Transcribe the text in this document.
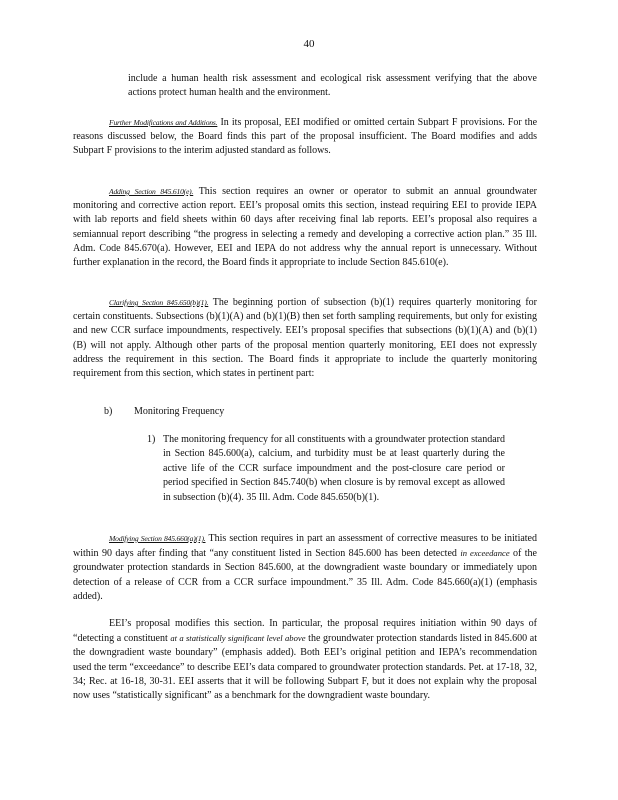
40

include a human health risk assessment and ecological risk assessment verifying that the above actions protect human health and the environment.

Further Modifications and Additions. In its proposal, EEI modified or omitted certain Subpart F provisions. For the reasons discussed below, the Board finds this part of the proposal insufficient. The Board modifies and adds Subpart F provisions to the interim adjusted standard as follows.

Adding Section 845.610(e). This section requires an owner or operator to submit an annual groundwater monitoring and corrective action report. EEI’s proposal omits this section, instead requiring EEI to provide IEPA with lab reports and field sheets within 60 days after receiving final lab reports. EEI’s proposal also requires a semiannual report describing “the progress in selecting a remedy and developing a corrective action plan.” 35 Ill. Adm. Code 845.670(a). However, EEI and IEPA do not address why the annual report is unnecessary. Without further explanation in the record, the Board finds it appropriate to include Section 845.610(e).

Clarifying Section 845.650(b)(1). The beginning portion of subsection (b)(1) requires quarterly monitoring for certain constituents. Subsections (b)(1)(A) and (b)(1)(B) then set forth sampling requirements, but only for existing and new CCR surface impoundments, respectively. EEI’s proposal specifies that subsections (b)(1)(A) and (b)(1)(B) will not apply. Although other parts of the proposal mention quarterly monitoring, EEI does not expressly address the requirement in this section. The Board finds it appropriate to include the quarterly monitoring requirement from this section, which states in pertinent part:

b) Monitoring Frequency
1) The monitoring frequency for all constituents with a groundwater protection standard in Section 845.600(a), calcium, and turbidity must be at least quarterly during the active life of the CCR surface impoundment and the post-closure care period or period specified in Section 845.740(b) when closure is by removal except as allowed in subsection (b)(4). 35 Ill. Adm. Code 845.650(b)(1).

Modifying Section 845.660(a)(1). This section requires in part an assessment of corrective measures to be initiated within 90 days after finding that “any constituent listed in Section 845.600 has been detected in exceedance of the groundwater protection standards in Section 845.600, at the downgradient waste boundary or immediately upon detection of a release of CCR from a CCR surface impoundment.” 35 Ill. Adm. Code 845.660(a)(1) (emphasis added).

EEI’s proposal modifies this section. In particular, the proposal requires initiation within 90 days of “detecting a constituent at a statistically significant level above the groundwater protection standards listed in 845.600 at the downgradient waste boundary” (emphasis added). Both EEI’s original petition and IEPA’s recommendation used the term “exceedance” to describe EEI’s data compared to groundwater protection standards. Pet. at 17-18, 32, 34; Rec. at 16-18, 30-31. EEI asserts that it will be following Subpart F, but it does not explain why the proposal now uses “statistically significant” as a benchmark for the downgradient waste boundary.
